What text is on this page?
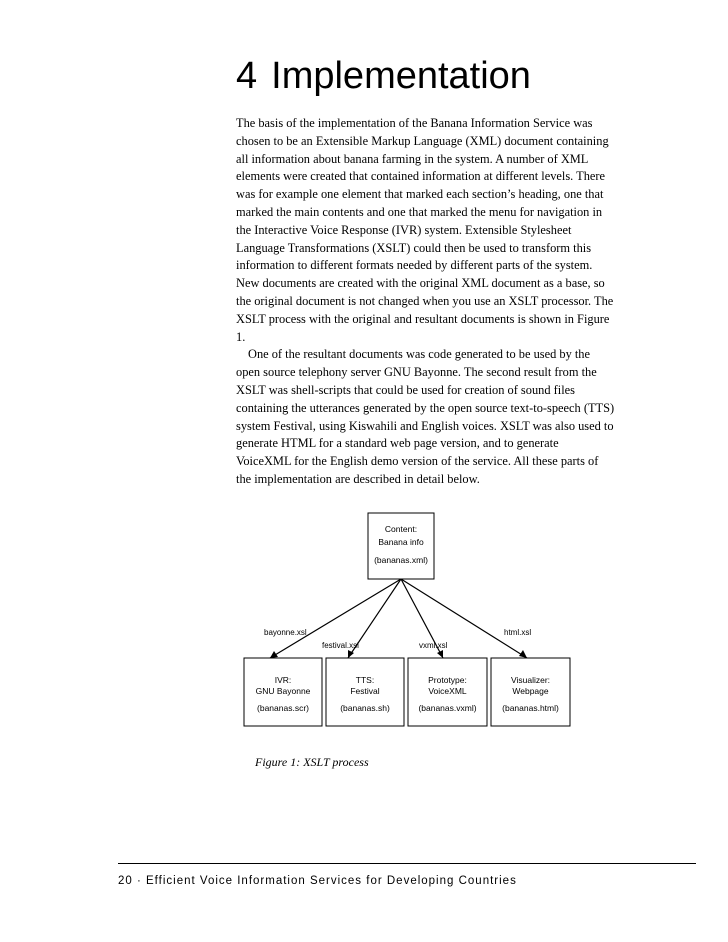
4 Implementation

The basis of the implementation of the Banana Information Service was chosen to be an Extensible Markup Language (XML) document containing all information about banana farming in the system. A number of XML elements were created that contained information at different levels. There was for example one element that marked each section’s heading, one that marked the main contents and one that marked the menu for navigation in the Interactive Voice Response (IVR) system. Extensible Stylesheet Language Transformations (XSLT) could then be used to transform this information to different formats needed by different parts of the system. New documents are created with the original XML document as a base, so the original document is not changed when you use an XSLT processor. The XSLT process with the original and resultant documents is shown in Figure 1.

One of the resultant documents was code generated to be used by the open source telephony server GNU Bayonne. The second result from the XSLT was shell-scripts that could be used for creation of sound files containing the utterances generated by the open source text-to-speech (TTS) system Festival, using Kiswahili and English voices. XSLT was also used to generate HTML for a standard web page version, and to generate VoiceXML for the English demo version of the service. All these parts of the implementation are described in detail below.

Content:
Banana info
(bananas.xml)
bayonne.xsl
festival.xsl	vxml.xsl
html.xsl
IVR:
GNU Bayonne
(bananas.scr)
TTS:
Festival
(bananas.sh)
Prototype:
VoiceXML
(bananas.vxml)
Visualizer:
Webpage
(bananas.html)
Figure 1: XSLT process
20 · Efficient Voice Information Services for Developing Countries
